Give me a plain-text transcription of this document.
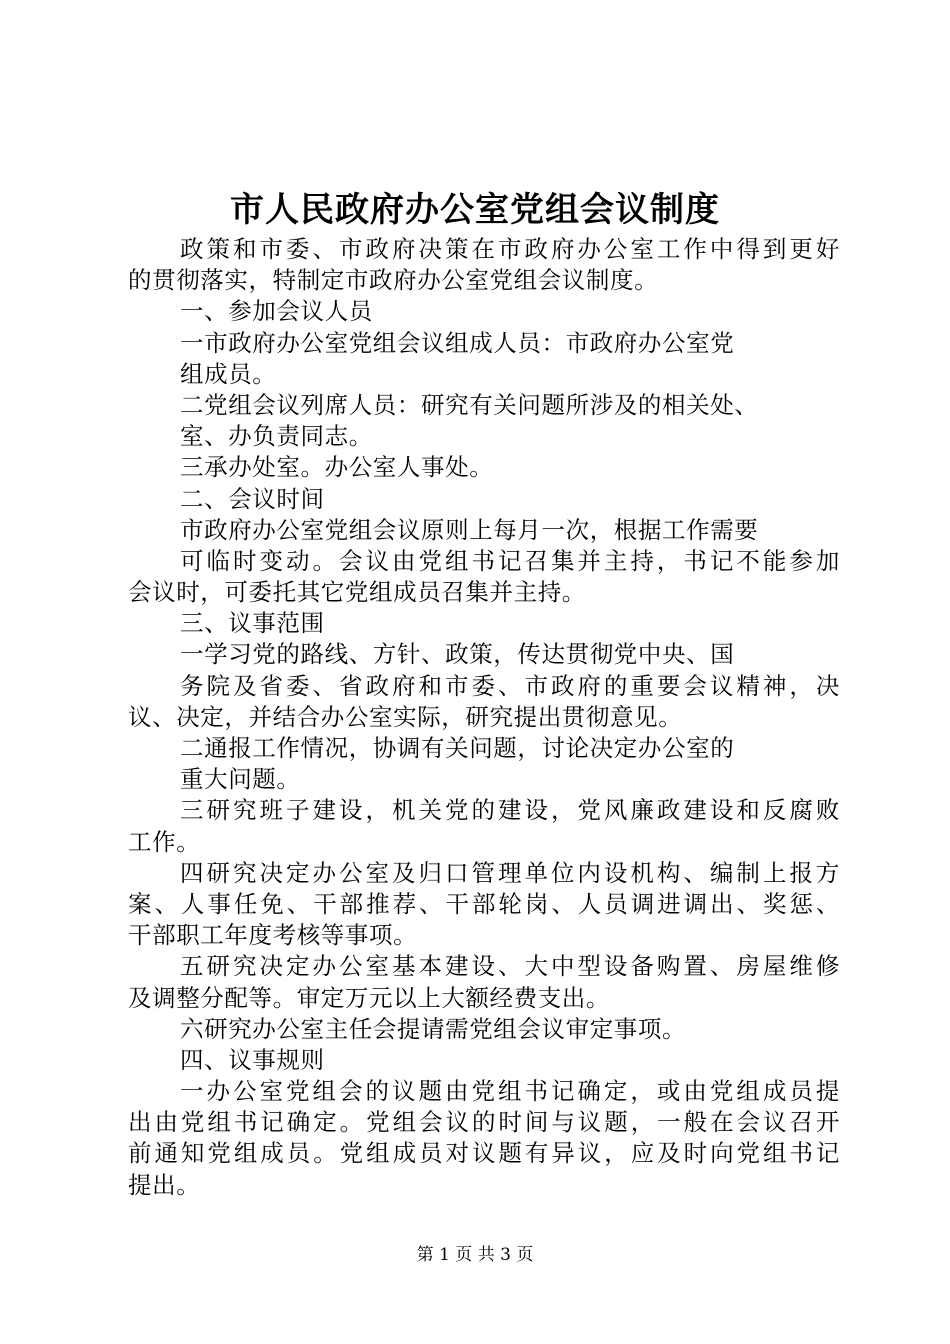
市人民政府办公室党组会议制度
政策和市委、市政府决策在市政府办公室工作中得到更好
的贯彻落实，特制定市政府办公室党组会议制度。
一、参加会议人员
一市政府办公室党组会议组成人员：市政府办公室党
组成员。
二党组会议列席人员：研究有关问题所涉及的相关处、
室、办负责同志。
三承办处室。办公室人事处。
二、会议时间
市政府办公室党组会议原则上每月一次，根据工作需要
可临时变动。会议由党组书记召集并主持，书记不能参加
会议时，可委托其它党组成员召集并主持。
三、议事范围
一学习党的路线、方针、政策，传达贯彻党中央、国
务院及省委、省政府和市委、市政府的重要会议精神，决
议、决定，并结合办公室实际，研究提出贯彻意见。
二通报工作情况，协调有关问题，讨论决定办公室的
重大问题。
三研究班子建设，机关党的建设，党风廉政建设和反腐败
工作。
四研究决定办公室及归口管理单位内设机构、编制上报方
案、人事任免、干部推荐、干部轮岗、人员调进调出、奖惩、
干部职工年度考核等事项。
五研究决定办公室基本建设、大中型设备购置、房屋维修
及调整分配等。审定万元以上大额经费支出。
六研究办公室主任会提请需党组会议审定事项。
四、议事规则
一办公室党组会的议题由党组书记确定，或由党组成员提
出由党组书记确定。党组会议的时间与议题，一般在会议召开
前通知党组成员。党组成员对议题有异议，应及时向党组书记
提出。
第 1 页 共 3 页
